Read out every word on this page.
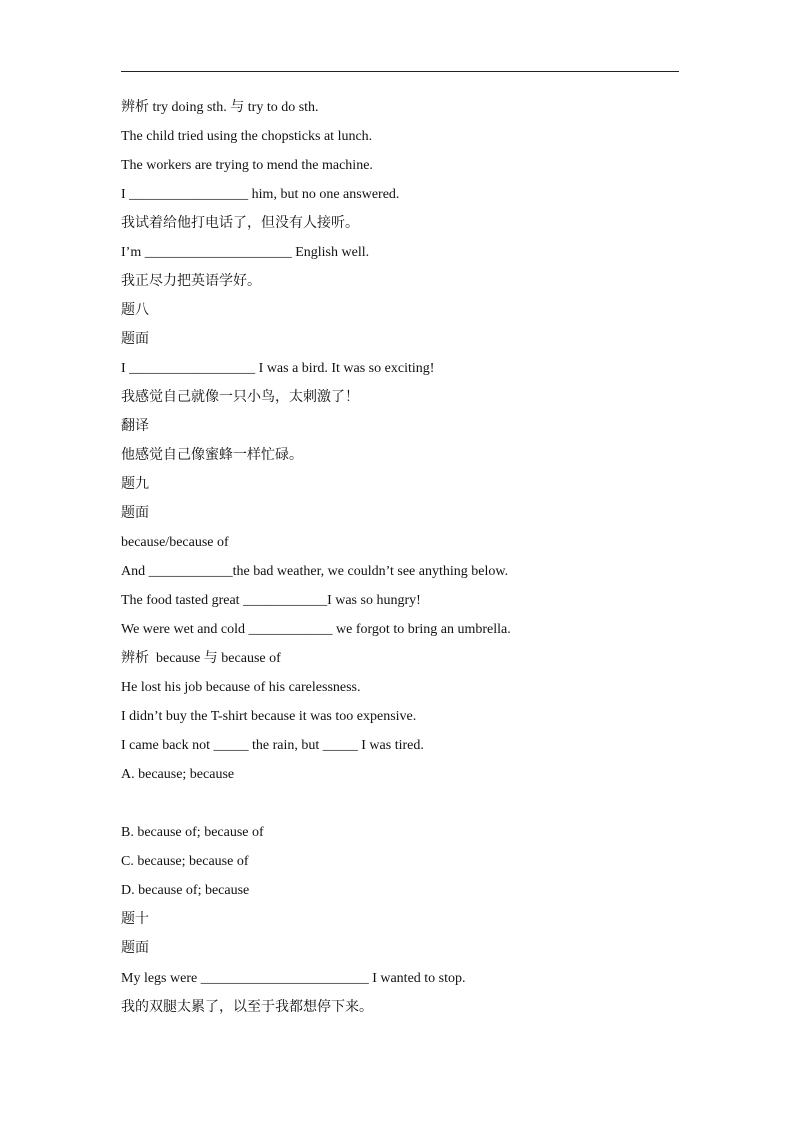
辨析 try doing sth. 与 try to do sth.
The child tried using the chopsticks at lunch.
The workers are trying to mend the machine.
I _________________ him, but no one answered.
我试着给他打电话了，但没有人接听。
I’m _____________________ English well.
我正尽力把英语学好。
题八
题面
I __________________ I was a bird. It was so exciting!
我感觉自己就像一只小鸟，太刺激了！
翻译
他感觉自己像蜜蜂一样忙碌。
题九
题面
because/because of
And ____________the bad weather, we couldn’t see anything below.
The food tasted great ____________I was so hungry!
We were wet and cold ____________ we forgot to bring an umbrella.
辨析  because 与 because of
He lost his job because of his carelessness.
I didn’t buy the T-shirt because it was too expensive.
I came back not _____ the rain, but _____ I was tired.
A. because; because
B. because of; because of
C. because; because of
D. because of; because
题十
题面
My legs were ________________________ I wanted to stop.
我的双腿太累了，以至于我都想停下来。
